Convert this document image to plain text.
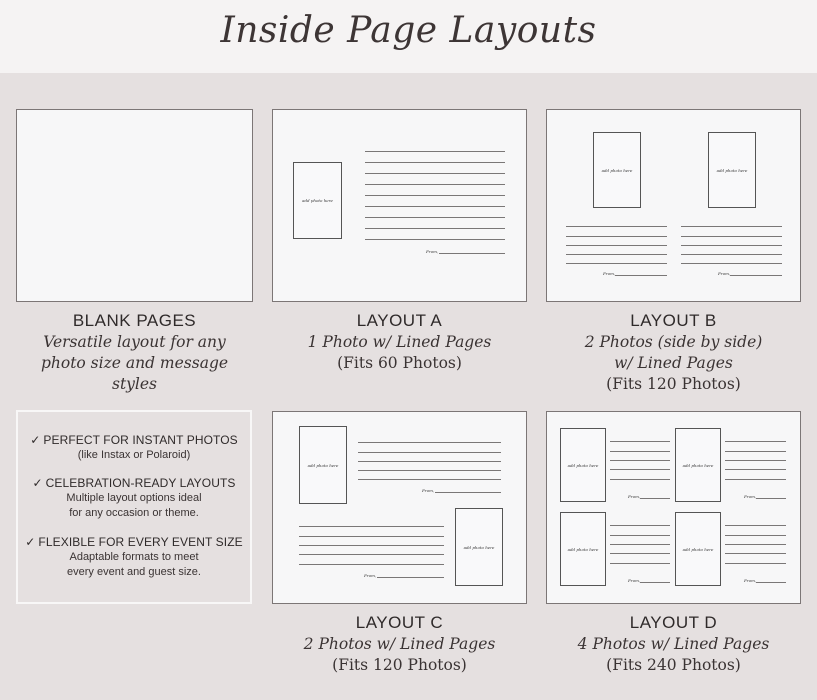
Inside Page Layouts
add photo here
From,
add photo here	add photo here
From,	From,
BLANK PAGES
Versatile layout for any
photo size and message styles
LAYOUT A
1 Photo w/ Lined Pages
(Fits 60 Photos)
LAYOUT B
2 Photos (side by side)
w/ Lined Pages
(Fits 120 Photos)
✓ PERFECT FOR INSTANT PHOTOS
(like Instax or Polaroid)
✓ CELEBRATION-READY LAYOUTS
Multiple layout options ideal
for any occasion or theme.
✓ FLEXIBLE FOR EVERY EVENT SIZE
Adaptable formats to meet
every event and guest size.
add photo here
From,
add photo here
From,
add photo here
From,
add photo here
From,
add photo here
From,
add photo here
From,
LAYOUT C
2 Photos w/ Lined Pages
(Fits 120 Photos)
LAYOUT D
4 Photos w/ Lined Pages
(Fits 240 Photos)
